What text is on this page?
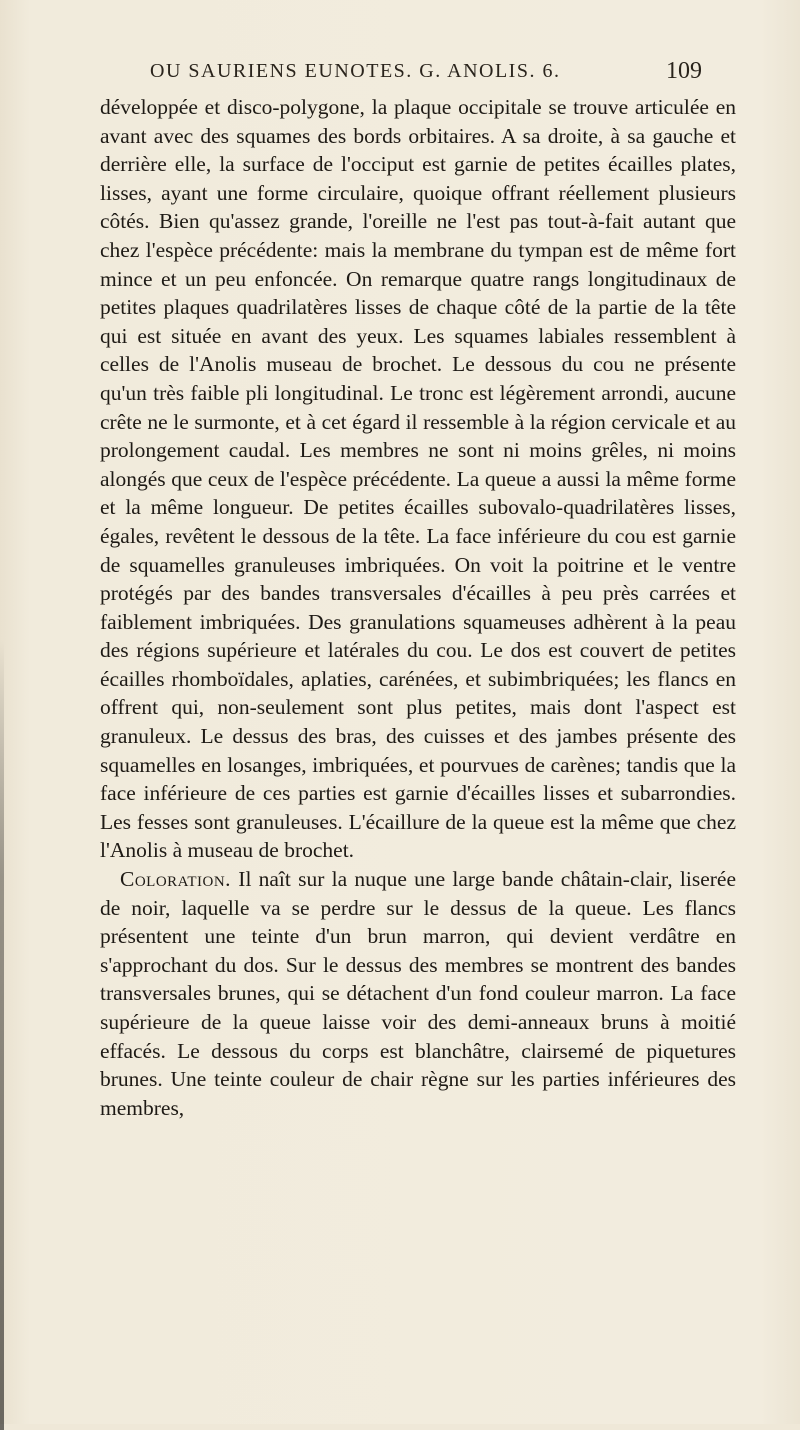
OU SAURIENS EUNOTES. G. ANOLIS. 6.	109

développée et disco-polygone, la plaque occipitale se trouve articulée en avant avec des squames des bords orbitaires. A sa droite, à sa gauche et derrière elle, la surface de l'occiput est garnie de petites écailles plates, lisses, ayant une forme circulaire, quoique offrant réellement plusieurs côtés. Bien qu'assez grande, l'oreille ne l'est pas tout-à-fait autant que chez l'espèce précédente: mais la membrane du tympan est de même fort mince et un peu enfoncée. On remarque quatre rangs longitudinaux de petites plaques quadrilatères lisses de chaque côté de la partie de la tête qui est située en avant des yeux. Les squames labiales ressemblent à celles de l'Anolis museau de brochet. Le dessous du cou ne présente qu'un très faible pli longitudinal. Le tronc est légèrement arrondi, aucune crête ne le surmonte, et à cet égard il ressemble à la région cervicale et au prolongement caudal. Les membres ne sont ni moins grêles, ni moins alongés que ceux de l'espèce précédente. La queue a aussi la même forme et la même longueur. De petites écailles subovalo-quadrilatères lisses, égales, revêtent le dessous de la tête. La face inférieure du cou est garnie de squamelles granuleuses imbriquées. On voit la poitrine et le ventre protégés par des bandes transversales d'écailles à peu près carrées et faiblement imbriquées. Des granulations squameuses adhèrent à la peau des régions supérieure et latérales du cou. Le dos est couvert de petites écailles rhomboïdales, aplaties, carénées, et subimbriquées; les flancs en offrent qui, non-seulement sont plus petites, mais dont l'aspect est granuleux. Le dessus des bras, des cuisses et des jambes présente des squamelles en losanges, imbriquées, et pourvues de carènes; tandis que la face inférieure de ces parties est garnie d'écailles lisses et subarrondies. Les fesses sont granuleuses. L'écaillure de la queue est la même que chez l'Anolis à museau de brochet.

Coloration. Il naît sur la nuque une large bande châtain-clair, liserée de noir, laquelle va se perdre sur le dessus de la queue. Les flancs présentent une teinte d'un brun marron, qui devient verdâtre en s'approchant du dos. Sur le dessus des membres se montrent des bandes transversales brunes, qui se détachent d'un fond couleur marron. La face supérieure de la queue laisse voir des demi-anneaux bruns à moitié effacés. Le dessous du corps est blanchâtre, clairsemé de piquetures brunes. Une teinte couleur de chair règne sur les parties inférieures des membres,
